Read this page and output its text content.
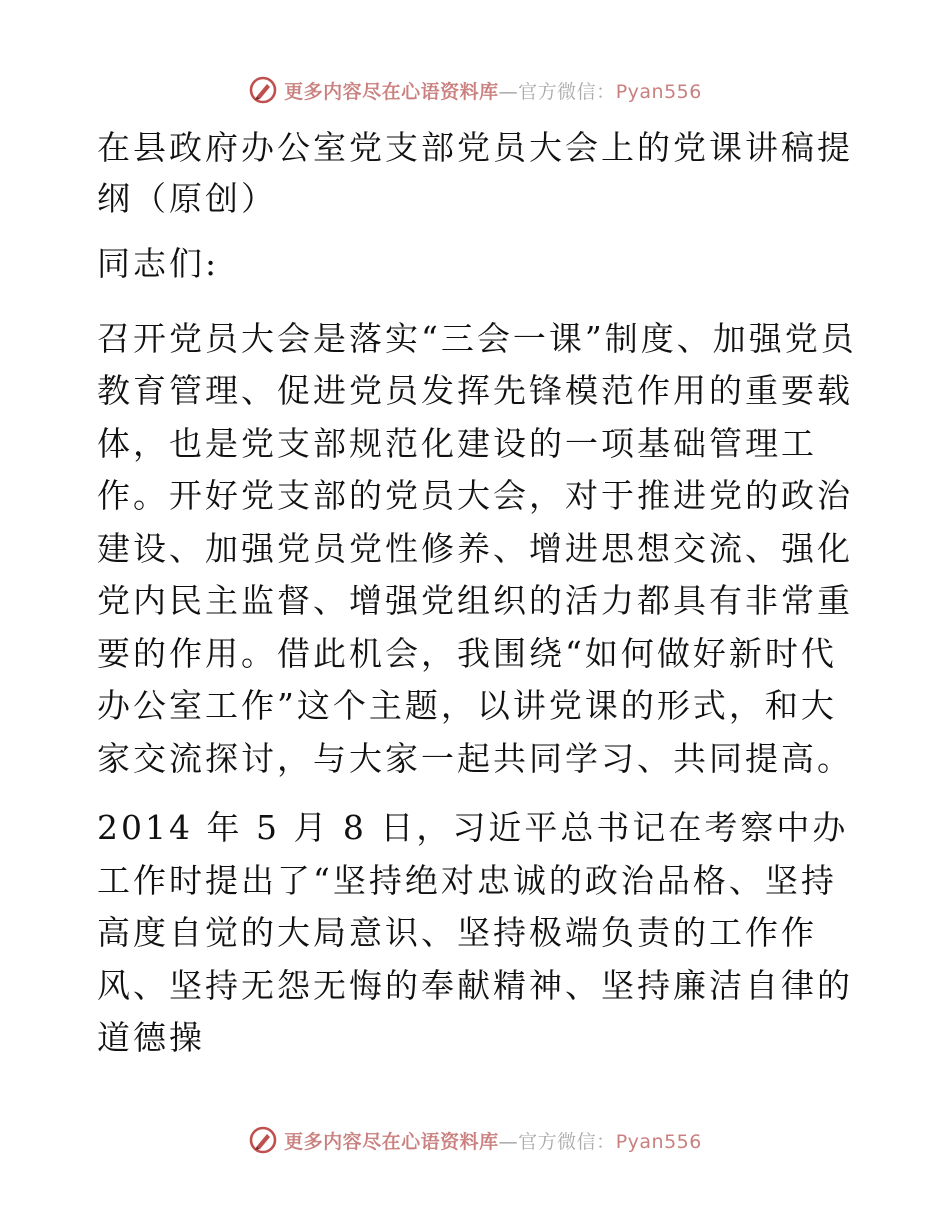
更多内容尽在心语资料库—官方微信：Pyan556
在县政府办公室党支部党员大会上的党课讲稿提纲（原创）

同志们:

召开党员大会是落实“三会一课”制度、加强党员教育管理、促进党员发挥先锋模范作用的重要载体，也是党支部规范化建设的一项基础管理工作。开好党支部的党员大会，对于推进党的政治建设、加强党员党性修养、增进思想交流、强化党内民主监督、增强党组织的活力都具有非常重要的作用。借此机会，我围绕“如何做好新时代办公室工作”这个主题，以讲党课的形式，和大家交流探讨，与大家一起共同学习、共同提高。

2014 年 5 月 8 日，习近平总书记在考察中办工作时提出了“坚持绝对忠诚的政治品格、坚持高度自觉的大局意识、坚持极端负责的工作作风、坚持无怨无悔的奉献精神、坚持廉洁自律的道德操

更多内容尽在心语资料库—官方微信：Pyan556
